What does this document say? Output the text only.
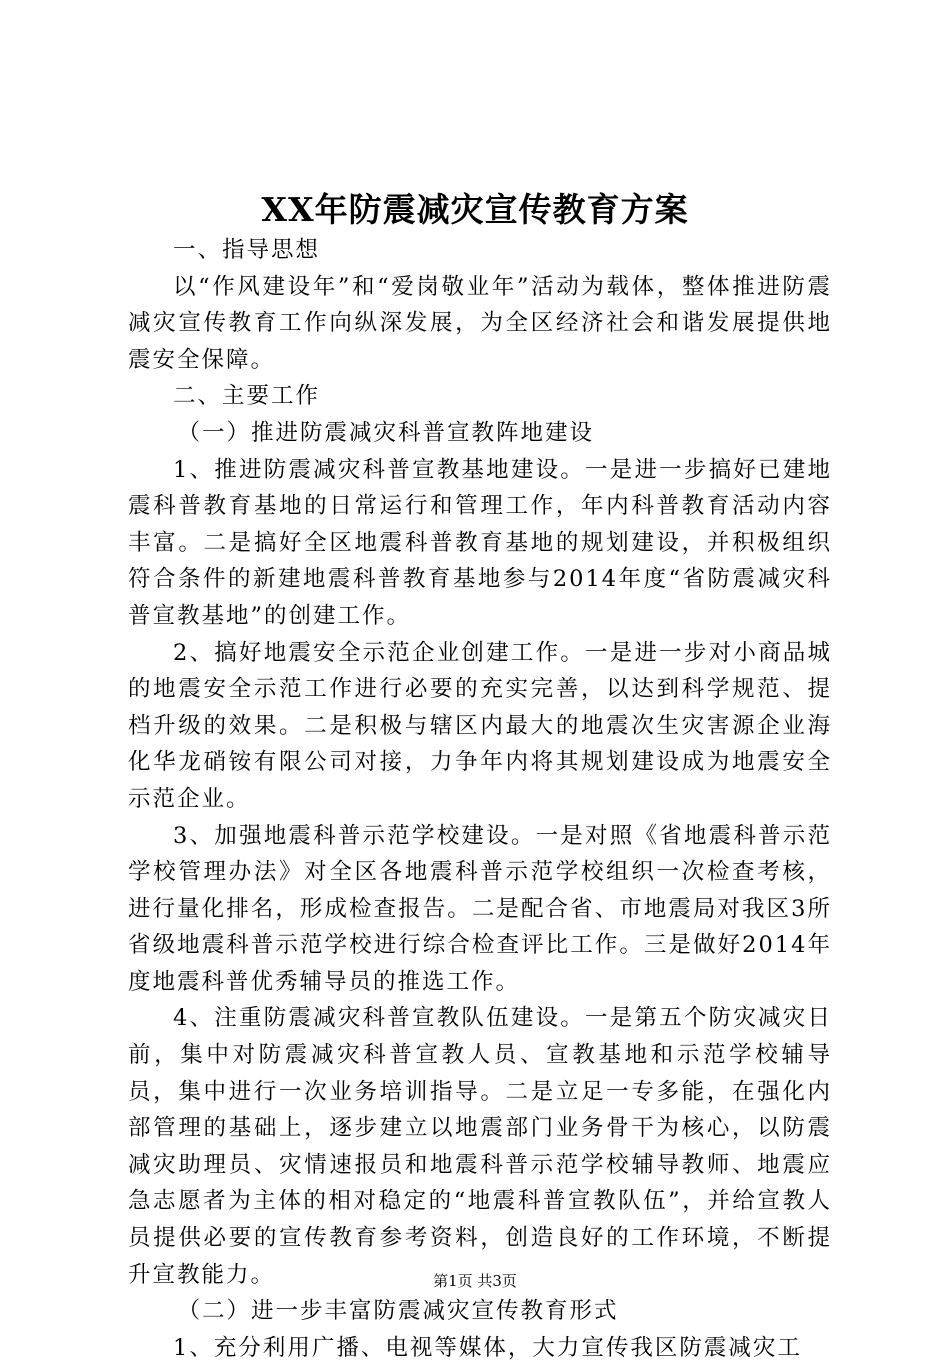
XX年防震减灾宣传教育方案

一、指导思想

以“作风建设年”和“爱岗敬业年”活动为载体，整体推进防震减灾宣传教育工作向纵深发展，为全区经济社会和谐发展提供地震安全保障。

二、主要工作

（一）推进防震减灾科普宣教阵地建设

1、推进防震减灾科普宣教基地建设。一是进一步搞好已建地震科普教育基地的日常运行和管理工作，年内科普教育活动内容丰富。二是搞好全区地震科普教育基地的规划建设，并积极组织符合条件的新建地震科普教育基地参与2014年度“省防震减灾科普宣教基地”的创建工作。

2、搞好地震安全示范企业创建工作。一是进一步对小商品城的地震安全示范工作进行必要的充实完善，以达到科学规范、提档升级的效果。二是积极与辖区内最大的地震次生灾害源企业海化华龙硝铵有限公司对接，力争年内将其规划建设成为地震安全示范企业。

3、加强地震科普示范学校建设。一是对照《省地震科普示范学校管理办法》对全区各地震科普示范学校组织一次检查考核，进行量化排名，形成检查报告。二是配合省、市地震局对我区3所省级地震科普示范学校进行综合检查评比工作。三是做好2014年度地震科普优秀辅导员的推选工作。

4、注重防震减灾科普宣教队伍建设。一是第五个防灾减灾日前，集中对防震减灾科普宣教人员、宣教基地和示范学校辅导员，集中进行一次业务培训指导。二是立足一专多能，在强化内部管理的基础上，逐步建立以地震部门业务骨干为核心，以防震减灾助理员、灾情速报员和地震科普示范学校辅导教师、地震应急志愿者为主体的相对稳定的“地震科普宣教队伍”，并给宣教人员提供必要的宣传教育参考资料，创造良好的工作环境，不断提升宣教能力。

（二）进一步丰富防震减灾宣传教育形式

1、充分利用广播、电视等媒体，大力宣传我区防震减灾工

第1页 共3页
